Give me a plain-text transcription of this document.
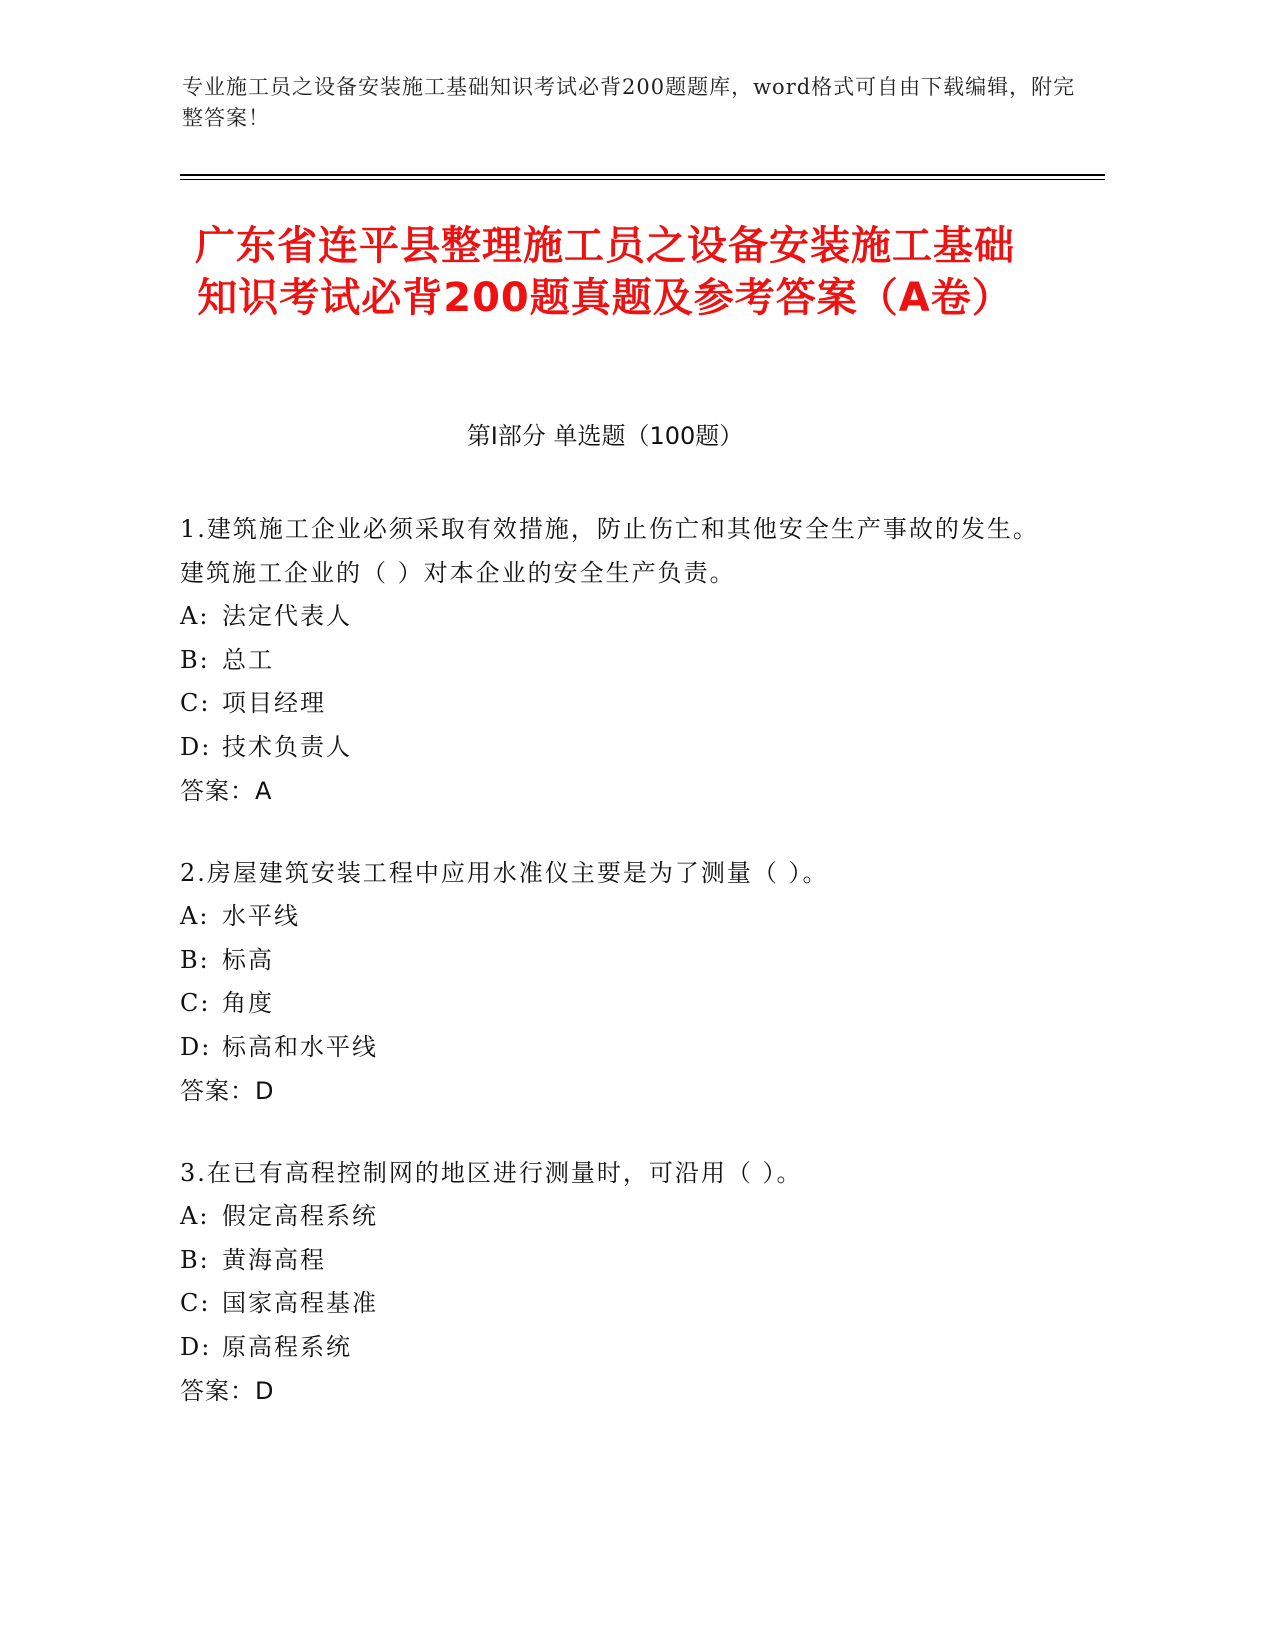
专业施工员之设备安装施工基础知识考试必背200题题库，word格式可自由下载编辑，附完整答案！
广东省连平县整理施工员之设备安装施工基础知识考试必背200题真题及参考答案（A卷）
第I部分 单选题（100题）
1.建筑施工企业必须采取有效措施，防止伤亡和其他安全生产事故的发生。建筑施工企业的（ ）对本企业的安全生产负责。
A: 法定代表人
B: 总工
C: 项目经理
D: 技术负责人
答案：A
2.房屋建筑安装工程中应用水准仪主要是为了测量（ ）。
A: 水平线
B: 标高
C: 角度
D: 标高和水平线
答案：D
3.在已有高程控制网的地区进行测量时，可沿用（ ）。
A: 假定高程系统
B: 黄海高程
C: 国家高程基准
D: 原高程系统
答案：D
